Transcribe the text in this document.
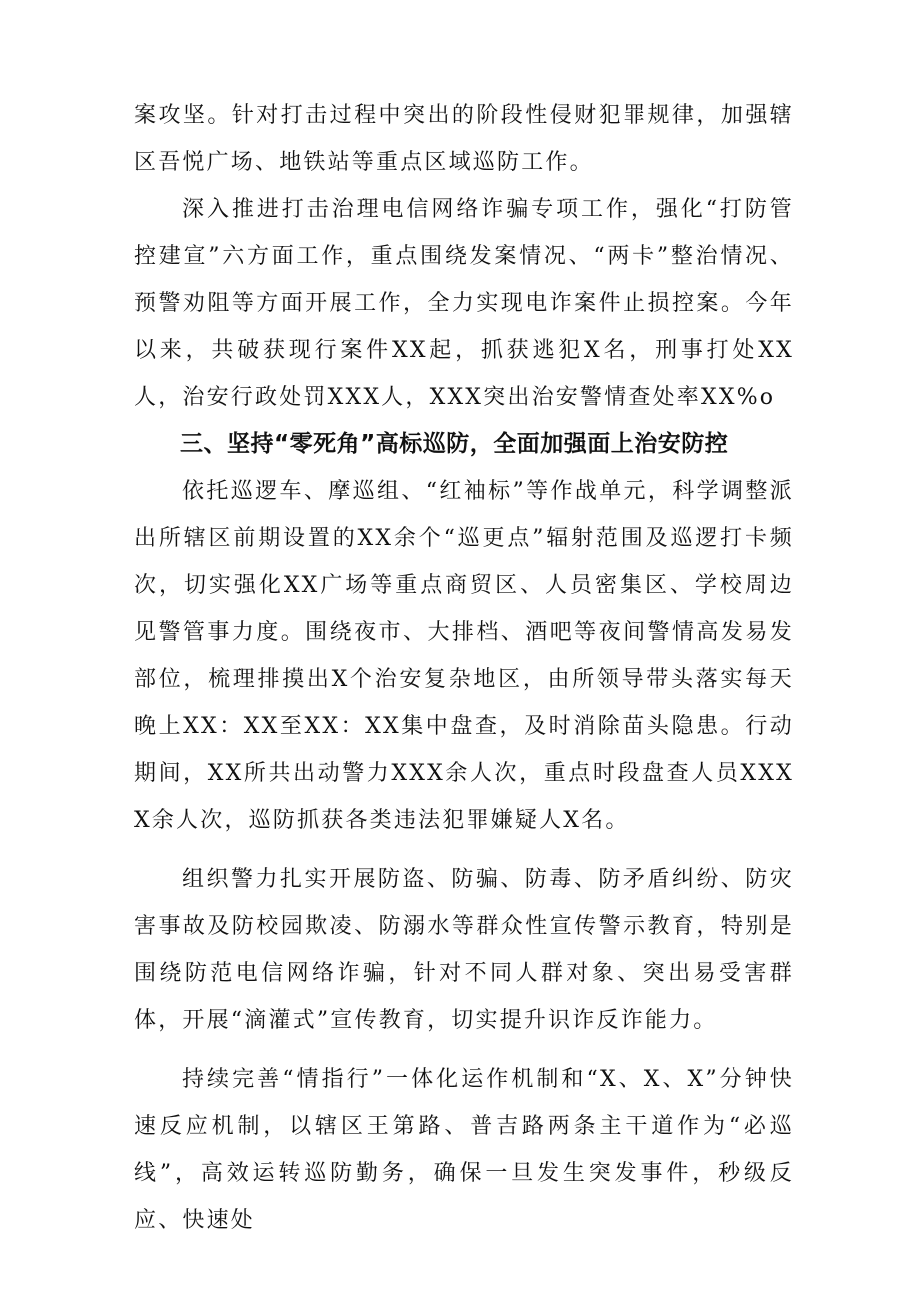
案攻坚。针对打击过程中突出的阶段性侵财犯罪规律，加强辖区吾悦广场、地铁站等重点区域巡防工作。

深入推进打击治理电信网络诈骗专项工作，强化“打防管控建宣”六方面工作，重点围绕发案情况、“两卡”整治情况、预警劝阻等方面开展工作，全力实现电诈案件止损控案。今年以来，共破获现行案件XX起，抓获逃犯X名，刑事打处XX人，治安行政处罚XXX人，XXX突出治安警情查处率XX%o

三、坚持“零死角”高标巡防，全面加强面上治安防控

依托巡逻车、摩巡组、“红袖标”等作战单元，科学调整派出所辖区前期设置的XX余个“巡更点”辐射范围及巡逻打卡频次，切实强化XX广场等重点商贸区、人员密集区、学校周边见警管事力度。围绕夜市、大排档、酒吧等夜间警情高发易发部位，梳理排摸出X个治安复杂地区，由所领导带头落实每天晚上XX：XX至XX：XX集中盘查，及时消除苗头隐患。行动期间，XX所共出动警力XXX余人次，重点时段盘查人员XXXX余人次，巡防抓获各类违法犯罪嫌疑人X名。

组织警力扎实开展防盗、防骗、防毒、防矛盾纠纷、防灾害事故及防校园欺凌、防溺水等群众性宣传警示教育，特别是围绕防范电信网络诈骗，针对不同人群对象、突出易受害群体，开展“滴灌式”宣传教育，切实提升识诈反诈能力。

持续完善“情指行”一体化运作机制和“X、X、X”分钟快速反应机制，以辖区王第路、普吉路两条主干道作为“必巡线”，高效运转巡防勤务，确保一旦发生突发事件，秒级反应、快速处
